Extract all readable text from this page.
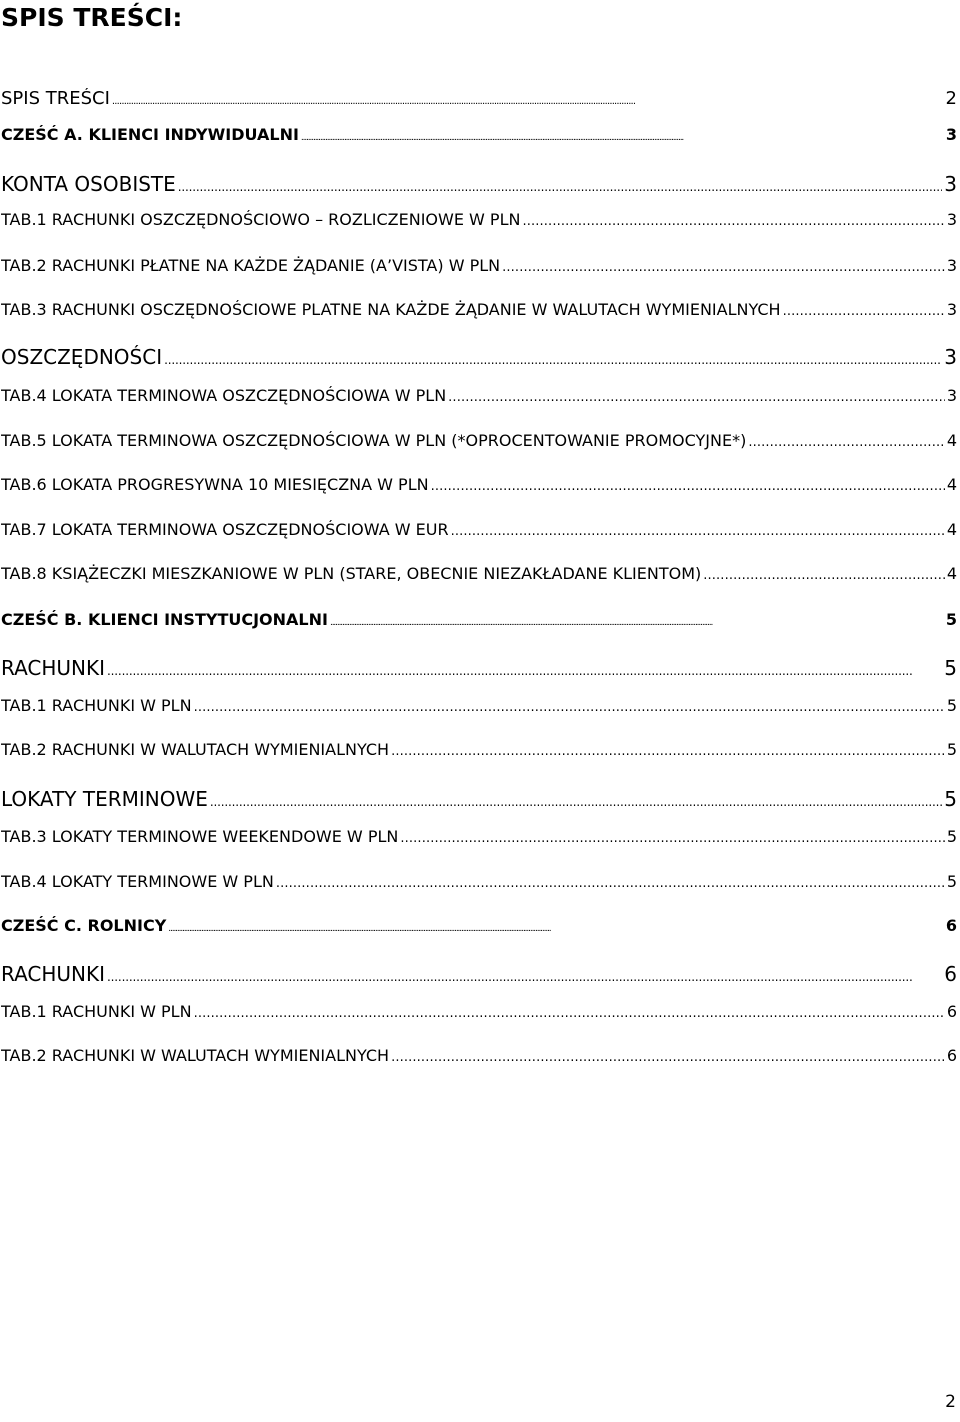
SPIS TREŚCI:
SPIS TREŚCI . . .	2
CZEŚĆ A. KLIENCI INDYWIDUALNI . . .	3
KONTA OSOBISTE . . .	3
TAB.1 RACHUNKI OSZCZĘDNOŚCIOWO – ROZLICZENIOWE W PLN . . .	3
TAB.2 RACHUNKI PŁATNE NA KAŻDE ŻĄDANIE (A’VISTA) W PLN . . .	3
TAB.3 RACHUNKI OSCZĘDNOŚCIOWE PLATNE NA KAŻDE ŻĄDANIE W WALUTACH WYMIENIALNYCH . . .	3
OSZCZĘDNOŚCI . . .	3
TAB.4 LOKATA TERMINOWA OSZCZĘDNOŚCIOWA W PLN . . .	3
TAB.5 LOKATA TERMINOWA OSZCZĘDNOŚCIOWA W PLN (*OPROCENTOWANIE PROMOCYJNE*) . . .	4
TAB.6 LOKATA PROGRESYWNA 10 MIESIĘCZNA W PLN . . .	4
TAB.7 LOKATA TERMINOWA OSZCZĘDNOŚCIOWA W EUR . . .	4
TAB.8 KSIĄŻECZKI MIESZKANIOWE W PLN (STARE, OBECNIE NIEZAKŁADANE KLIENTOM) . . .	4
CZEŚĆ B. KLIENCI INSTYTUCJONALNI . . .	5
RACHUNKI . . .	5
TAB.1 RACHUNKI W PLN . . .	5
TAB.2 RACHUNKI W WALUTACH WYMIENIALNYCH . . .	5
LOKATY TERMINOWE . . .	5
TAB.3 LOKATY TERMINOWE WEEKENDOWE W PLN . . .	5
TAB.4 LOKATY TERMINOWE W PLN . . .	5
CZEŚĆ C. ROLNICY . . .	6
RACHUNKI . . .	6
TAB.1 RACHUNKI W PLN . . .	6
TAB.2 RACHUNKI W WALUTACH WYMIENIALNYCH . . .	6
2
